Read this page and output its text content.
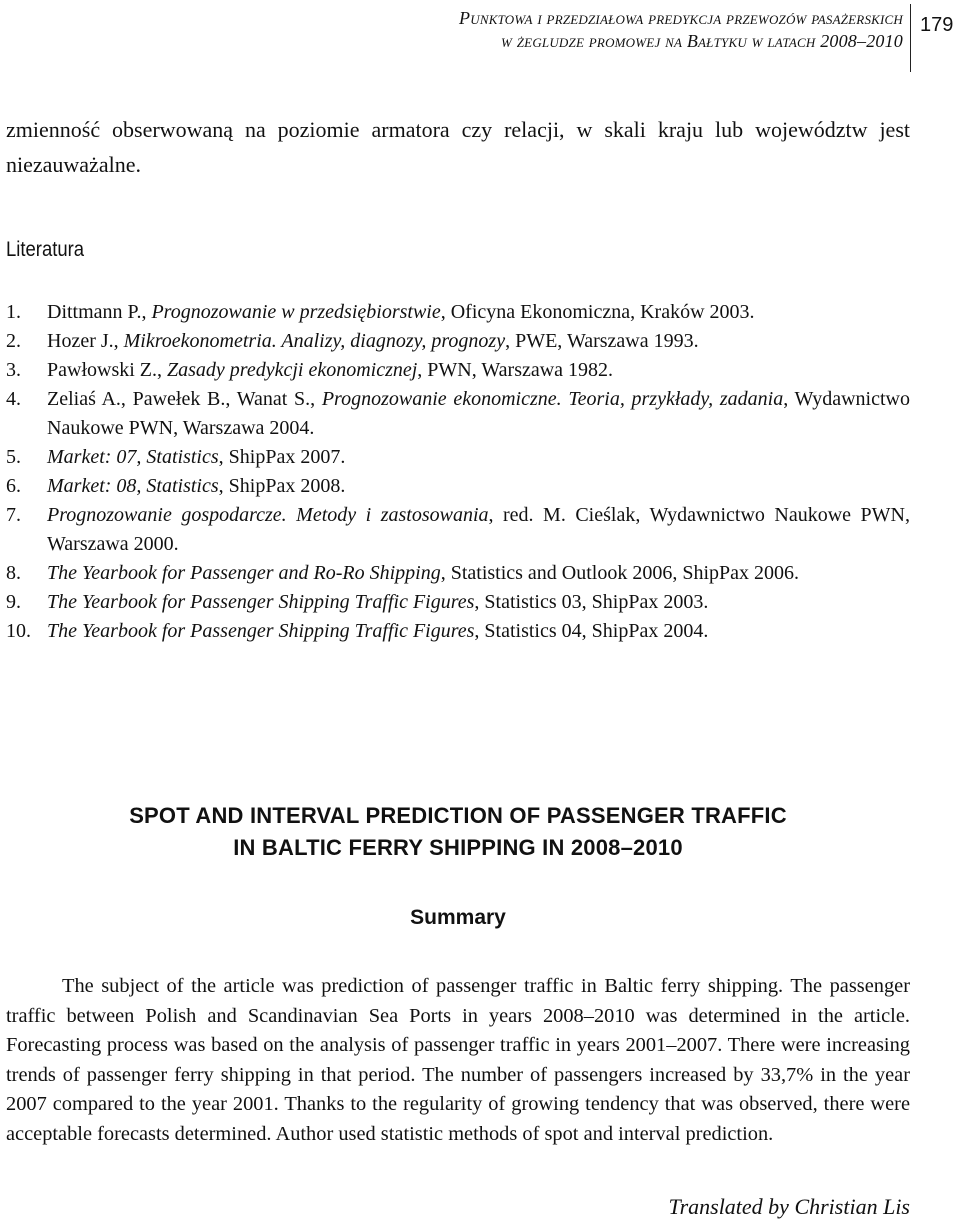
Punktowa i przedziałowa predykcja przewozów pasażerskich
w żegludze promowej na Bałtyku w latach 2008–2010
179

zmienność obserwowaną na poziomie armatora czy relacji, w skali kraju lub województw jest niezauważalne.

Literatura
1. Dittmann P., Prognozowanie w przedsiębiorstwie, Oficyna Ekonomiczna, Kraków 2003.
2. Hozer J., Mikroekonometria. Analizy, diagnozy, prognozy, PWE, Warszawa 1993.
3. Pawłowski Z., Zasady predykcji ekonomicznej, PWN, Warszawa 1982.
4. Zeliaś A., Pawełek B., Wanat S., Prognozowanie ekonomiczne. Teoria, przykłady, zadania, Wydawnictwo Naukowe PWN, Warszawa 2004.
5. Market: 07, Statistics, ShipPax 2007.
6. Market: 08, Statistics, ShipPax 2008.
7. Prognozowanie gospodarcze. Metody i zastosowania, red. M. Cieślak, Wydawnictwo Naukowe PWN, Warszawa 2000.
8. The Yearbook for Passenger and Ro-Ro Shipping, Statistics and Outlook 2006, ShipPax 2006.
9. The Yearbook for Passenger Shipping Traffic Figures, Statistics 03, ShipPax 2003.
10. The Yearbook for Passenger Shipping Traffic Figures, Statistics 04, ShipPax 2004.
SPOT AND INTERVAL PREDICTION OF PASSENGER TRAFFIC
IN BALTIC FERRY SHIPPING IN 2008–2010
Summary

The subject of the article was prediction of passenger traffic in Baltic ferry shipping. The passenger traffic between Polish and Scandinavian Sea Ports in years 2008–2010 was determined in the article. Forecasting process was based on the analysis of passenger traffic in years 2001–2007. There were increasing trends of passenger ferry shipping in that period. The number of passengers increased by 33,7% in the year 2007 compared to the year 2001. Thanks to the regularity of growing tendency that was observed, there were acceptable forecasts determined. Author used statistic methods of spot and interval prediction.

Translated by Christian Lis
